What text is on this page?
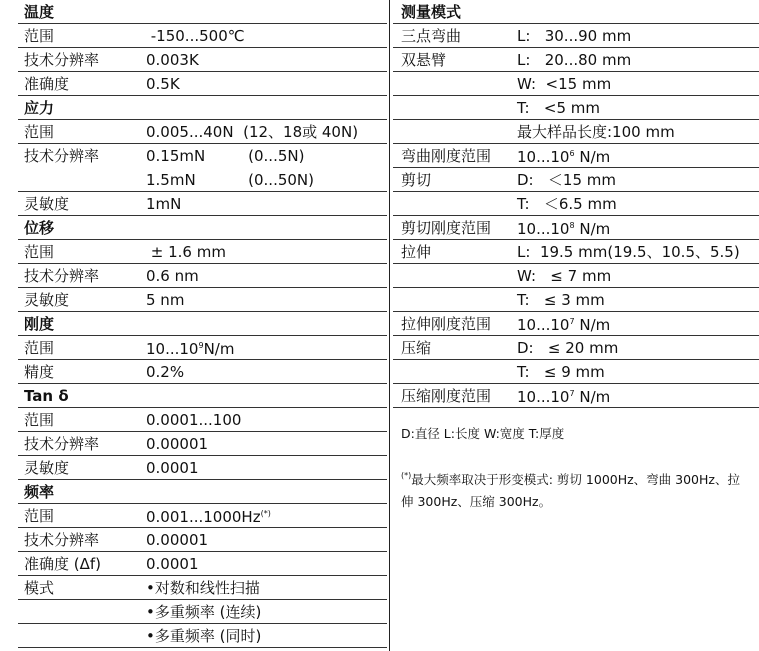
温度
范围	-150...500℃
技术分辨率	0.003K
准确度	0.5K
应力
范围	0.005...40N  (12、18或 40N)
技术分辨率	0.15mN         (0...5N)
1.5mN           (0...50N)
灵敏度	1mN
位移
范围	± 1.6 mm
技术分辨率	0.6 nm
灵敏度	5 nm
刚度
范围	10...10$^9$N/m
精度	0.2%
Tan δ
范围	0.0001...100
技术分辨率	0.00001
灵敏度	0.0001
频率
范围	0.001...1000Hz(*)
技术分辨率	0.00001
准确度 (Δf)	0.0001
模式	•对数和线性扫描
•多重频率 (连续)
•多重频率 (同时)
测量模式
三点弯曲	L:   30...90 mm
双悬臂	L:   20...80 mm
W:  <15 mm
T:   <5 mm
最大样品长度:100 mm
弯曲刚度范围	10...10$^6$ N/m
剪切	D:   ＜15 mm
T:   ＜6.5 mm
剪切刚度范围	10...10$^8$ N/m
拉伸	L:  19.5 mm(19.5、10.5、5.5)
W:   ≤ 7 mm
T:   ≤ 3 mm
拉伸刚度范围	10...10$^7$ N/m
压缩	D:   ≤ 20 mm
T:   ≤ 9 mm
压缩刚度范围	10...10$^7$ N/m
D:直径 L:长度 W:宽度 T:厚度
(*)最大频率取决于形变模式: 剪切 1000Hz、弯曲 300Hz、拉伸 300Hz、压缩 300Hz。
